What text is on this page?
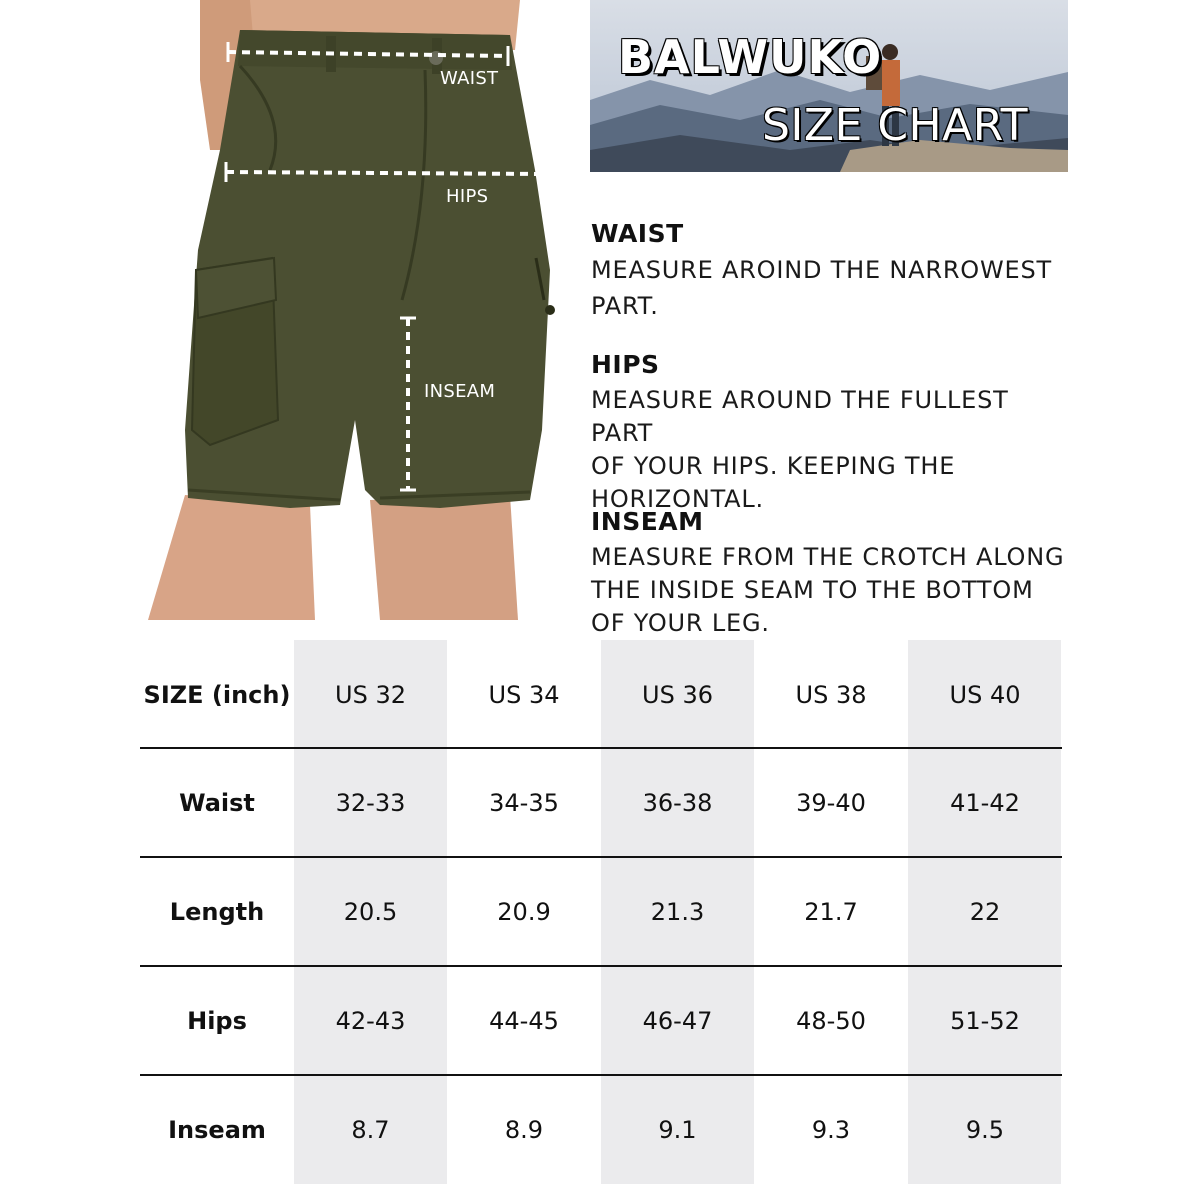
WAIST
HIPS
INSEAM
BALWUKO
SIZE CHART
WAIST
MEASURE AROIND THE NARROWEST
PART.
HIPS
MEASURE AROUND THE FULLEST PART
OF YOUR HIPS. KEEPING THE
HORIZONTAL.
INSEAM
MEASURE FROM THE CROTCH ALONG
THE INSIDE SEAM TO THE BOTTOM
OF YOUR LEG.
SIZE (inch)	US 32	US 34	US 36	US 38	US 40
Waist	32-33	34-35	36-38	39-40	41-42
Length	20.5	20.9	21.3	21.7	22
Hips	42-43	44-45	46-47	48-50	51-52
Inseam	8.7	8.9	9.1	9.3	9.5
